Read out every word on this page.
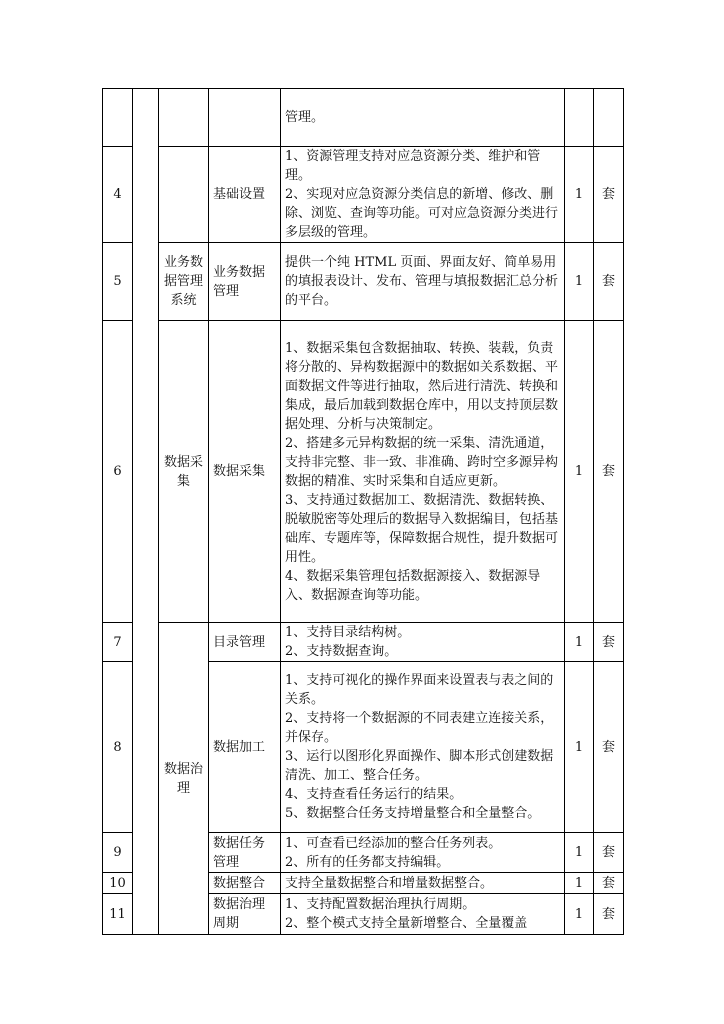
				管理。		

4			基础设置	1、资源管理支持对应急资源分类、维护和管理。
2、实现对应急资源分类信息的新增、修改、删除、浏览、查询等功能。可对应急资源分类进行多层级的管理。	1	套
5		业务数据管理系统	业务数据管理	提供一个纯 HTML 页面、界面友好、简单易用的填报表设计、发布、管理与填报数据汇总分析的平台。	1	套
6		数据采集	数据采集	1、数据采集包含数据抽取、转换、装载，负责将分散的、异构数据源中的数据如关系数据、平面数据文件等进行抽取，然后进行清洗、转换和集成，最后加载到数据仓库中，用以支持顶层数据处理、分析与决策制定。
2、搭建多元异构数据的统一采集、清洗通道，支持非完整、非一致、非准确、跨时空多源异构数据的精准、实时采集和自适应更新。
3、支持通过数据加工、数据清洗、数据转换、脱敏脱密等处理后的数据导入数据编目，包括基础库、专题库等，保障数据合规性，提升数据可用性。
4、数据采集管理包括数据源接入、数据源导入、数据源查询等功能。	1	套
7		数据治理	目录管理	1、支持目录结构树。
2、支持数据查询。	1	套
8			数据加工	1、支持可视化的操作界面来设置表与表之间的关系。
2、支持将一个数据源的不同表建立连接关系，并保存。
3、运行以图形化界面操作、脚本形式创建数据清洗、加工、整合任务。
4、支持查看任务运行的结果。
5、数据整合任务支持增量整合和全量整合。	1	套
9			数据任务管理	1、可查看已经添加的整合任务列表。
2、所有的任务都支持编辑。	1	套
10			数据整合	支持全量数据整合和增量数据整合。	1	套
11			数据治理周期	1、支持配置数据治理执行周期。
2、整个模式支持全量新增整合、全量覆盖	1	套
